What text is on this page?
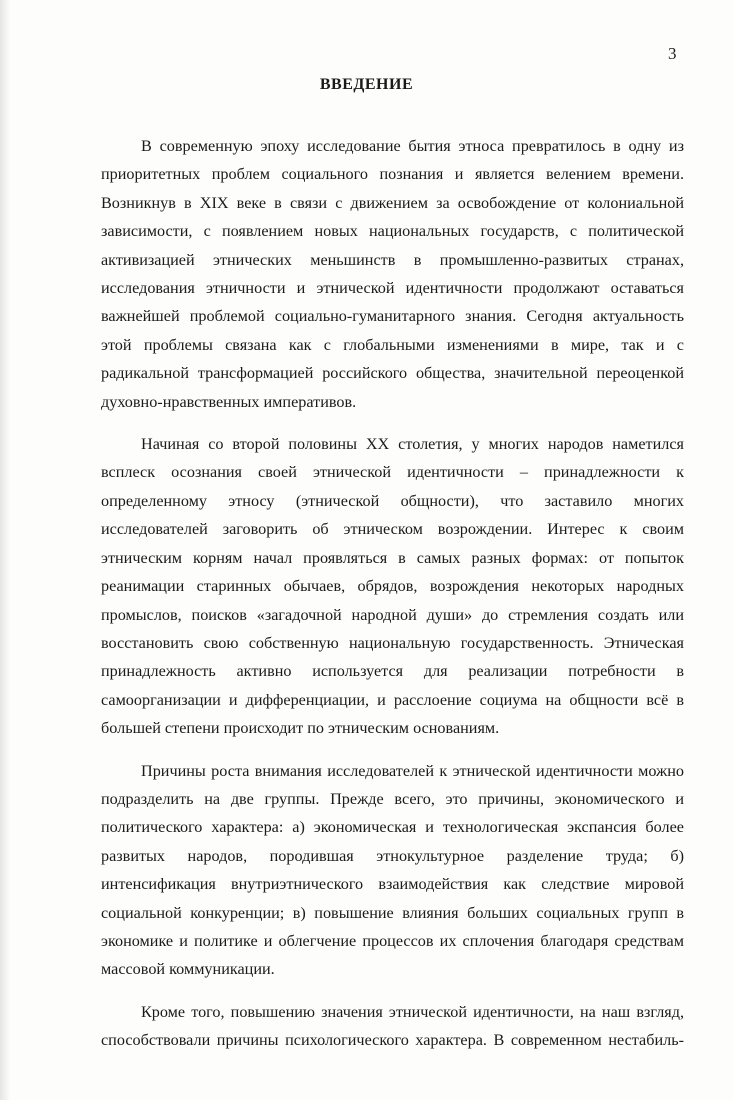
3
ВВЕДЕНИЕ

В современную эпоху исследование бытия этноса превратилось в одну из приоритетных проблем социального познания и является велением времени. Возникнув в XIX веке в связи с движением за освобождение от колониальной зависимости, с появлением новых национальных государств, с политической активизацией этнических меньшинств в промышленно-развитых странах, исследования этничности и этнической идентичности продолжают оставаться важнейшей проблемой социально-гуманитарного знания. Сегодня актуальность этой проблемы связана как с глобальными изменениями в мире, так и с радикальной трансформацией российского общества, значительной переоценкой духовно-нравственных императивов.

Начиная со второй половины XX столетия, у многих народов наметился всплеск осознания своей этнической идентичности – принадлежности к определенному этносу (этнической общности), что заставило многих исследователей заговорить об этническом возрождении. Интерес к своим этническим корням начал проявляться в самых разных формах: от попыток реанимации старинных обычаев, обрядов, возрождения некоторых народных промыслов, поисков «загадочной народной души» до стремления создать или восстановить свою собственную национальную государственность. Этническая принадлежность активно используется для реализации потребности в самоорганизации и дифференциации, и расслоение социума на общности всё в большей степени происходит по этническим основаниям.

Причины роста внимания исследователей к этнической идентичности можно подразделить на две группы. Прежде всего, это причины, экономического и политического характера: а) экономическая и технологическая экспансия более развитых народов, породившая этнокультурное разделение труда; б) интенсификация внутриэтнического взаимодействия как следствие мировой социальной конкуренции; в) повышение влияния больших социальных групп в экономике и политике и облегчение процессов их сплочения благодаря средствам массовой коммуникации.

Кроме того, повышению значения этнической идентичности, на наш взгляд, способствовали причины психологического характера. В современном нестабиль-
